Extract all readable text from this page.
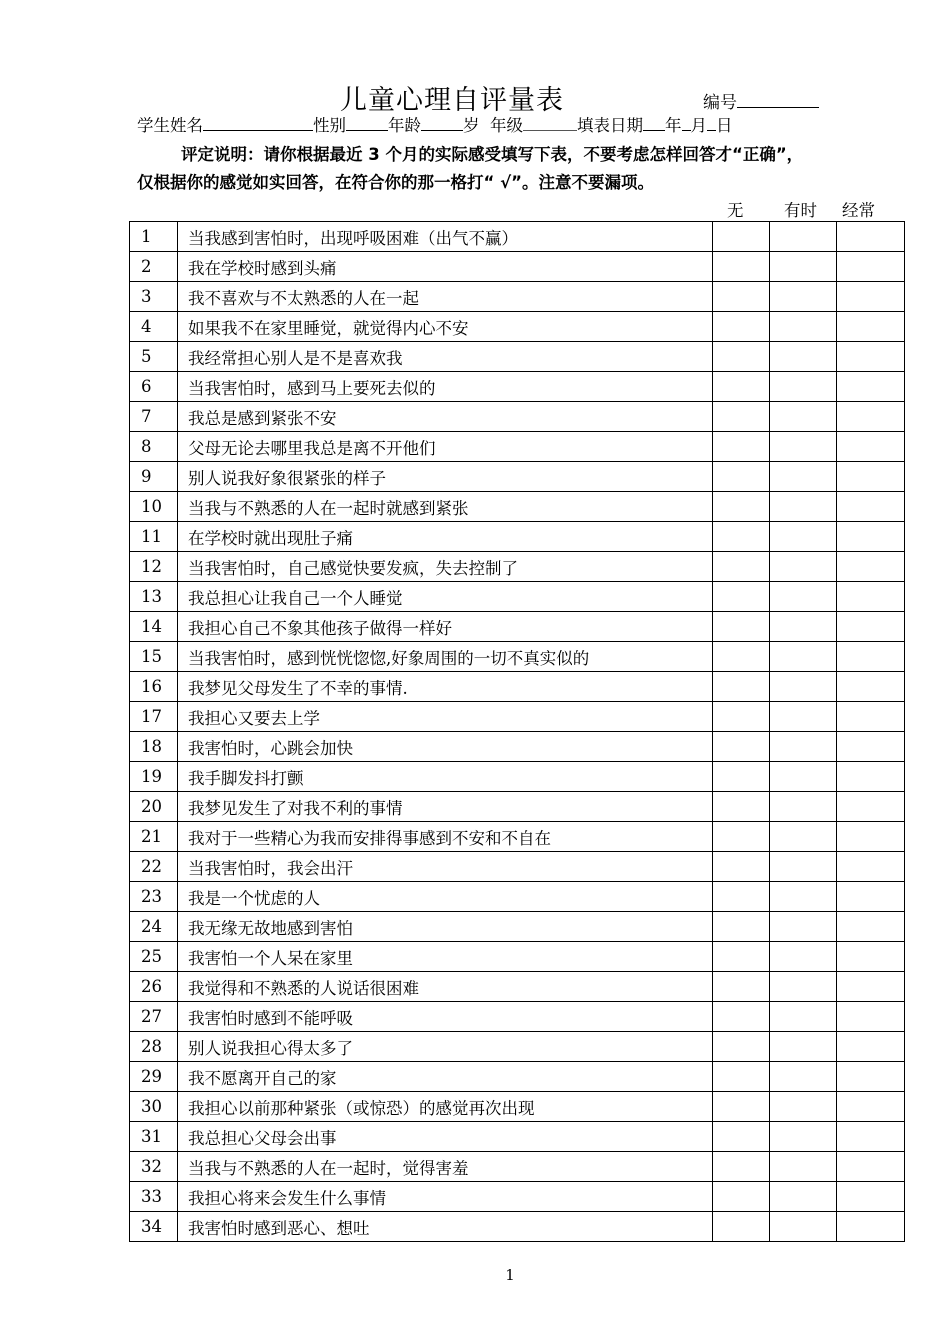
儿童心理自评量表	编号
学生姓名	性别	年龄	岁 年级	填表日期 年 月 日
评定说明：请你根据最近 3 个月的实际感受填写下表，不要考虑怎样回答才“正确”，
仅根据你的感觉如实回答，在符合你的那一格打“ √”。注意不要漏项。
无 有时 经常
1	当我感到害怕时，出现呼吸困难（出气不赢）			
2	我在学校时感到头痛			
3	我不喜欢与不太熟悉的人在一起			
4	如果我不在家里睡觉，就觉得内心不安			
5	我经常担心别人是不是喜欢我			
6	当我害怕时，感到马上要死去似的			
7	我总是感到紧张不安			
8	父母无论去哪里我总是离不开他们			
9	别人说我好象很紧张的样子			
10	当我与不熟悉的人在一起时就感到紧张			
11	在学校时就出现肚子痛			
12	当我害怕时，自己感觉快要发疯，失去控制了			
13	我总担心让我自己一个人睡觉			
14	我担心自己不象其他孩子做得一样好			
15	当我害怕时，感到恍恍惚惚,好象周围的一切不真实似的			
16	我梦见父母发生了不幸的事情.			
17	我担心又要去上学			
18	我害怕时，心跳会加快			
19	我手脚发抖打颤			
20	我梦见发生了对我不利的事情			
21	我对于一些精心为我而安排得事感到不安和不自在			
22	当我害怕时，我会出汗			
23	我是一个忧虑的人			
24	我无缘无故地感到害怕			
25	我害怕一个人呆在家里			
26	我觉得和不熟悉的人说话很困难			
27	我害怕时感到不能呼吸			
28	别人说我担心得太多了			
29	我不愿离开自己的家			
30	我担心以前那种紧张（或惊恐）的感觉再次出现			
31	我总担心父母会出事			
32	当我与不熟悉的人在一起时，觉得害羞			
33	我担心将来会发生什么事情			
34	我害怕时感到恶心、想吐			
1
